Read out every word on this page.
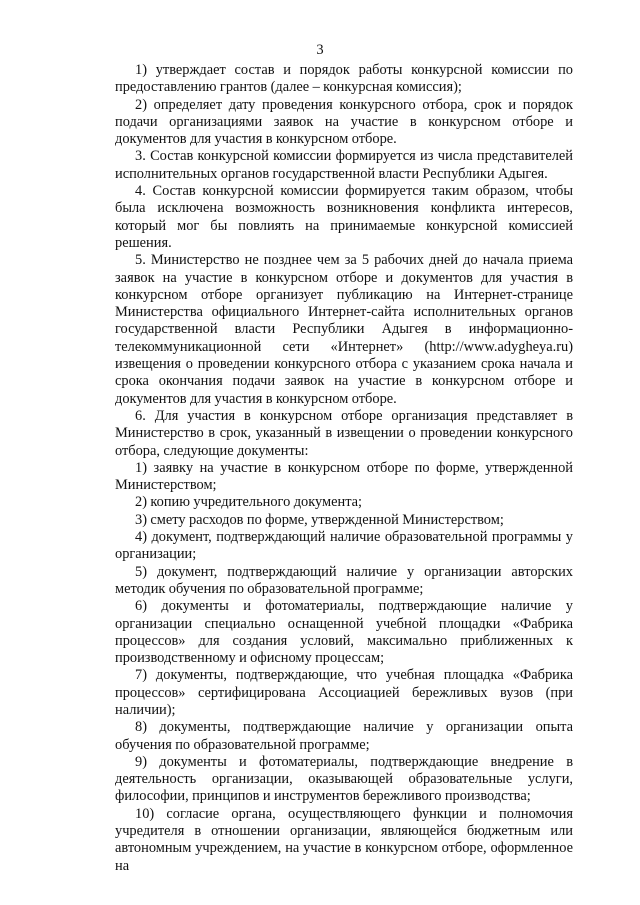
3

1) утверждает состав и порядок работы конкурсной комиссии по предоставлению грантов (далее – конкурсная комиссия);

2) определяет дату проведения конкурсного отбора, срок и порядок подачи организациями заявок на участие в конкурсном отборе и документов для участия в конкурсном отборе.

3. Состав конкурсной комиссии формируется из числа представителей исполнительных органов государственной власти Республики Адыгея.

4. Состав конкурсной комиссии формируется таким образом, чтобы была исключена возможность возникновения конфликта интересов, который мог бы повлиять на принимаемые конкурсной комиссией решения.

5. Министерство не позднее чем за 5 рабочих дней до начала приема заявок на участие в конкурсном отборе и документов для участия в конкурсном отборе организует публикацию на Интернет-странице Министерства официального Интернет-сайта исполнительных органов государственной власти Республики Адыгея в информационно-телекоммуникационной сети «Интернет» (http://www.adygheya.ru) извещения о проведении конкурсного отбора с указанием срока начала и срока окончания подачи заявок на участие в конкурсном отборе и документов для участия в конкурсном отборе.

6. Для участия в конкурсном отборе организация представляет в Министерство в срок, указанный в извещении о проведении конкурсного отбора, следующие документы:

1) заявку на участие в конкурсном отборе по форме, утвержденной Министерством;

2) копию учредительного документа;

3) смету расходов по форме, утвержденной Министерством;

4) документ, подтверждающий наличие образовательной программы у организации;

5) документ, подтверждающий наличие у организации авторских методик обучения по образовательной программе;

6) документы и фотоматериалы, подтверждающие наличие у организации специально оснащенной учебной площадки «Фабрика процессов» для создания условий, максимально приближенных к производственному и офисному процессам;

7) документы, подтверждающие, что учебная площадка «Фабрика процессов» сертифицирована Ассоциацией бережливых вузов (при наличии);

8) документы, подтверждающие наличие у организации опыта обучения по образовательной программе;

9) документы и фотоматериалы, подтверждающие внедрение в деятельность организации, оказывающей образовательные услуги, философии, принципов и инструментов бережливого производства;

10) согласие органа, осуществляющего функции и полномочия учредителя в отношении организации, являющейся бюджетным или автономным учреждением, на участие в конкурсном отборе, оформленное на
